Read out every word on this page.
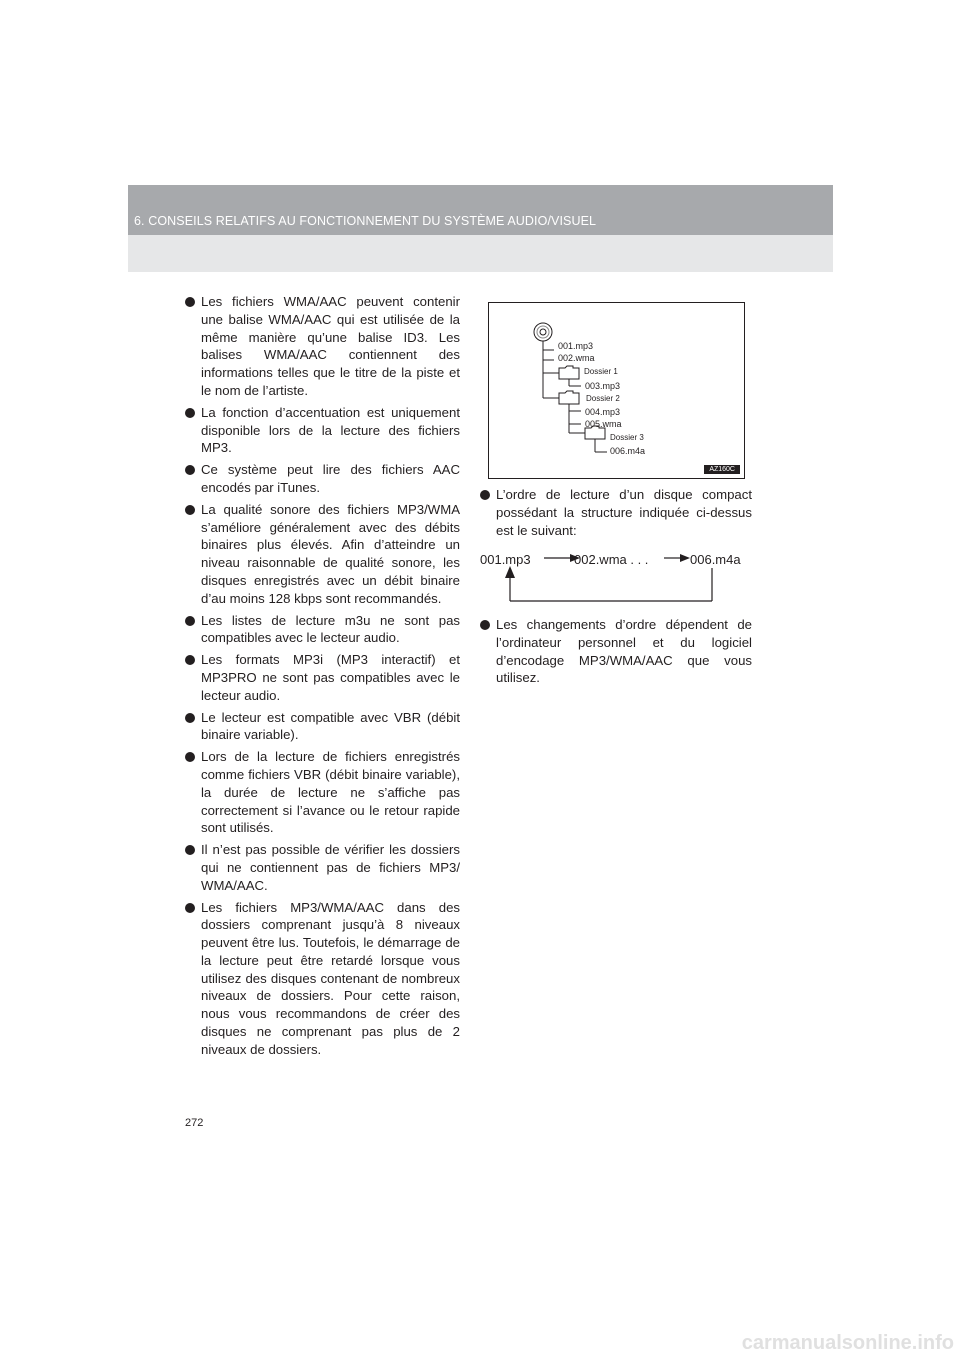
6. CONSEILS RELATIFS AU FONCTIONNEMENT DU SYSTÈME AUDIO/VISUEL
Les fichiers WMA/AAC peuvent contenir une balise WMA/AAC qui est utilisée de la même manière qu’une balise ID3. Les balises WMA/AAC contiennent des informations telles que le titre de la piste et le nom de l’artiste.
La fonction d’accentuation est uniquement disponible lors de la lecture des fichiers MP3.
Ce système peut lire des fichiers AAC encodés par iTunes.
La qualité sonore des fichiers MP3/WMA s’améliore généralement avec des débits binaires plus élevés. Afin d’atteindre un niveau raisonnable de qualité sonore, les disques enregistrés avec un débit binaire d’au moins 128 kbps sont recommandés.
Les listes de lecture m3u ne sont pas compatibles avec le lecteur audio.
Les formats MP3i (MP3 interactif) et MP3PRO ne sont pas compatibles avec le lecteur audio.
Le lecteur est compatible avec VBR (débit binaire variable).
Lors de la lecture de fichiers enregistrés comme fichiers VBR (débit binaire variable), la durée de lecture ne s’affiche pas correctement si l’avance ou le retour rapide sont utilisés.
Il n’est pas possible de vérifier les dossiers qui ne contiennent pas de fichiers MP3/ WMA/AAC.
Les fichiers MP3/WMA/AAC dans des dossiers comprenant jusqu’à 8 niveaux peuvent être lus. Toutefois, le démarrage de la lecture peut être retardé lorsque vous utilisez des disques contenant de nombreux niveaux de dossiers. Pour cette raison, nous vous recommandons de créer des disques ne comprenant pas plus de 2 niveaux de dossiers.
001.mp3
002.wma
Dossier 1
003.mp3
Dossier 2
004.mp3
005.wma
Dossier 3
006.m4a
AZ160C
L’ordre de lecture d’un disque compact possédant la structure indiquée ci-dessus est le suivant:
001.mp3	002.wma . . .	006.m4a
Les changements d’ordre dépendent de l’ordinateur personnel et du logiciel d’encodage MP3/WMA/AAC que vous utilisez.
272
carmanualsonline.info
